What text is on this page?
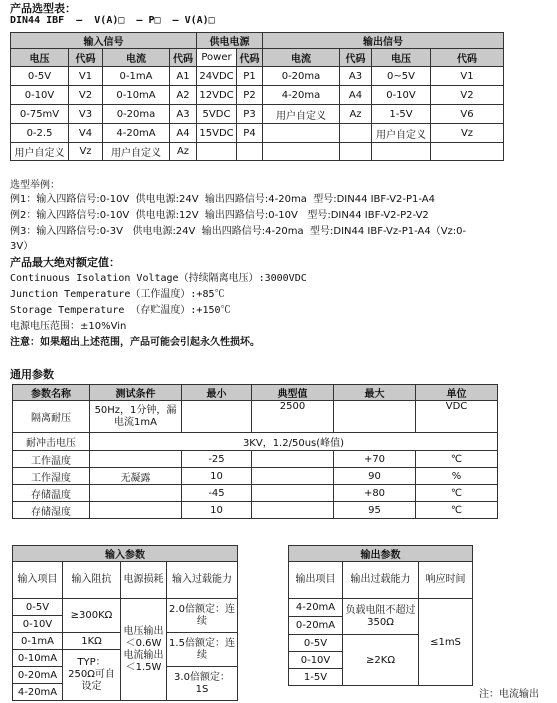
产品选型表：
DIN44 IBF  –  V(A)□  – P□  – V(A)□
输入信号				供电电源		输出信号			
电压	代码	电流	代码	Power	代码	电流	代码	电压	代码
0-5V	V1	0-1mA	A1	24VDC	P1	0-20ma	A3	0~5V	V1
0-10V	V2	0-10mA	A2	12VDC	P2	4-20ma	A4	0-10V	V2
0-75mV	V3	0-20ma	A3	5VDC	P3	用户自定义	Az	1-5V	V6
0-2.5	V4	4-20mA	A4	15VDC	P4			用户自定义	Vz
用户自定义	Vz	用户自定义	Az						
选型举例：
例1：输入四路信号:0-10V  供电电源:24V  输出四路信号:4-20ma  型号:DIN44 IBF-V2-P1-A4
例2：输入四路信号:0-10V  供电电源:12V  输出四路信号:0-10V   型号:DIN44 IBF-V2-P2-V2
例3：输入四路信号:0-3V   供电电源:24V  输出四路信号:4-20ma  型号:DIN44 IBF-Vz-P1-A4（Vz:0-
3V）
产品最大绝对额定值：
Continuous Isolation Voltage（持续隔离电压）:3000VDC
Junction Temperature（工作温度）:+85℃
Storage Temperature （存贮温度）:+150℃
电源电压范围：±10%Vin
注意：如果超出上述范围，产品可能会引起永久性损坏。
通用参数
参数名称	测试条件	最小	典型值	最大	单位
隔离耐压	50Hz，1分钟，漏电流1mA		2500		VDC
耐冲击电压	3KV，1.2/50us(峰值)				
工作温度		-25		+70	℃
工作湿度	无凝露	10		90	%
存储温度		-45		+80	℃
存储湿度		10		95	℃
输入参数			
输入项目	输入阻抗	电源损耗	输入过载能力
0-5V	≥300KΩ	电压输出＜0.6W电流输出＜1.5W	2.0倍额定：连续
0-10V			
0-1mA	1KΩ		1.5倍额定：连续
0-10mA	TYP：250Ω可自设定		
0-20mA			3.0倍额定：1S
4-20mA			
输出参数		
输出项目	输出过载能力	响应时间
4-20mA	负载电阻不超过350Ω	≤1mS
0-20mA		
0-5V	≥2KΩ	
0-10V		
1-5V		
注：电流输出
